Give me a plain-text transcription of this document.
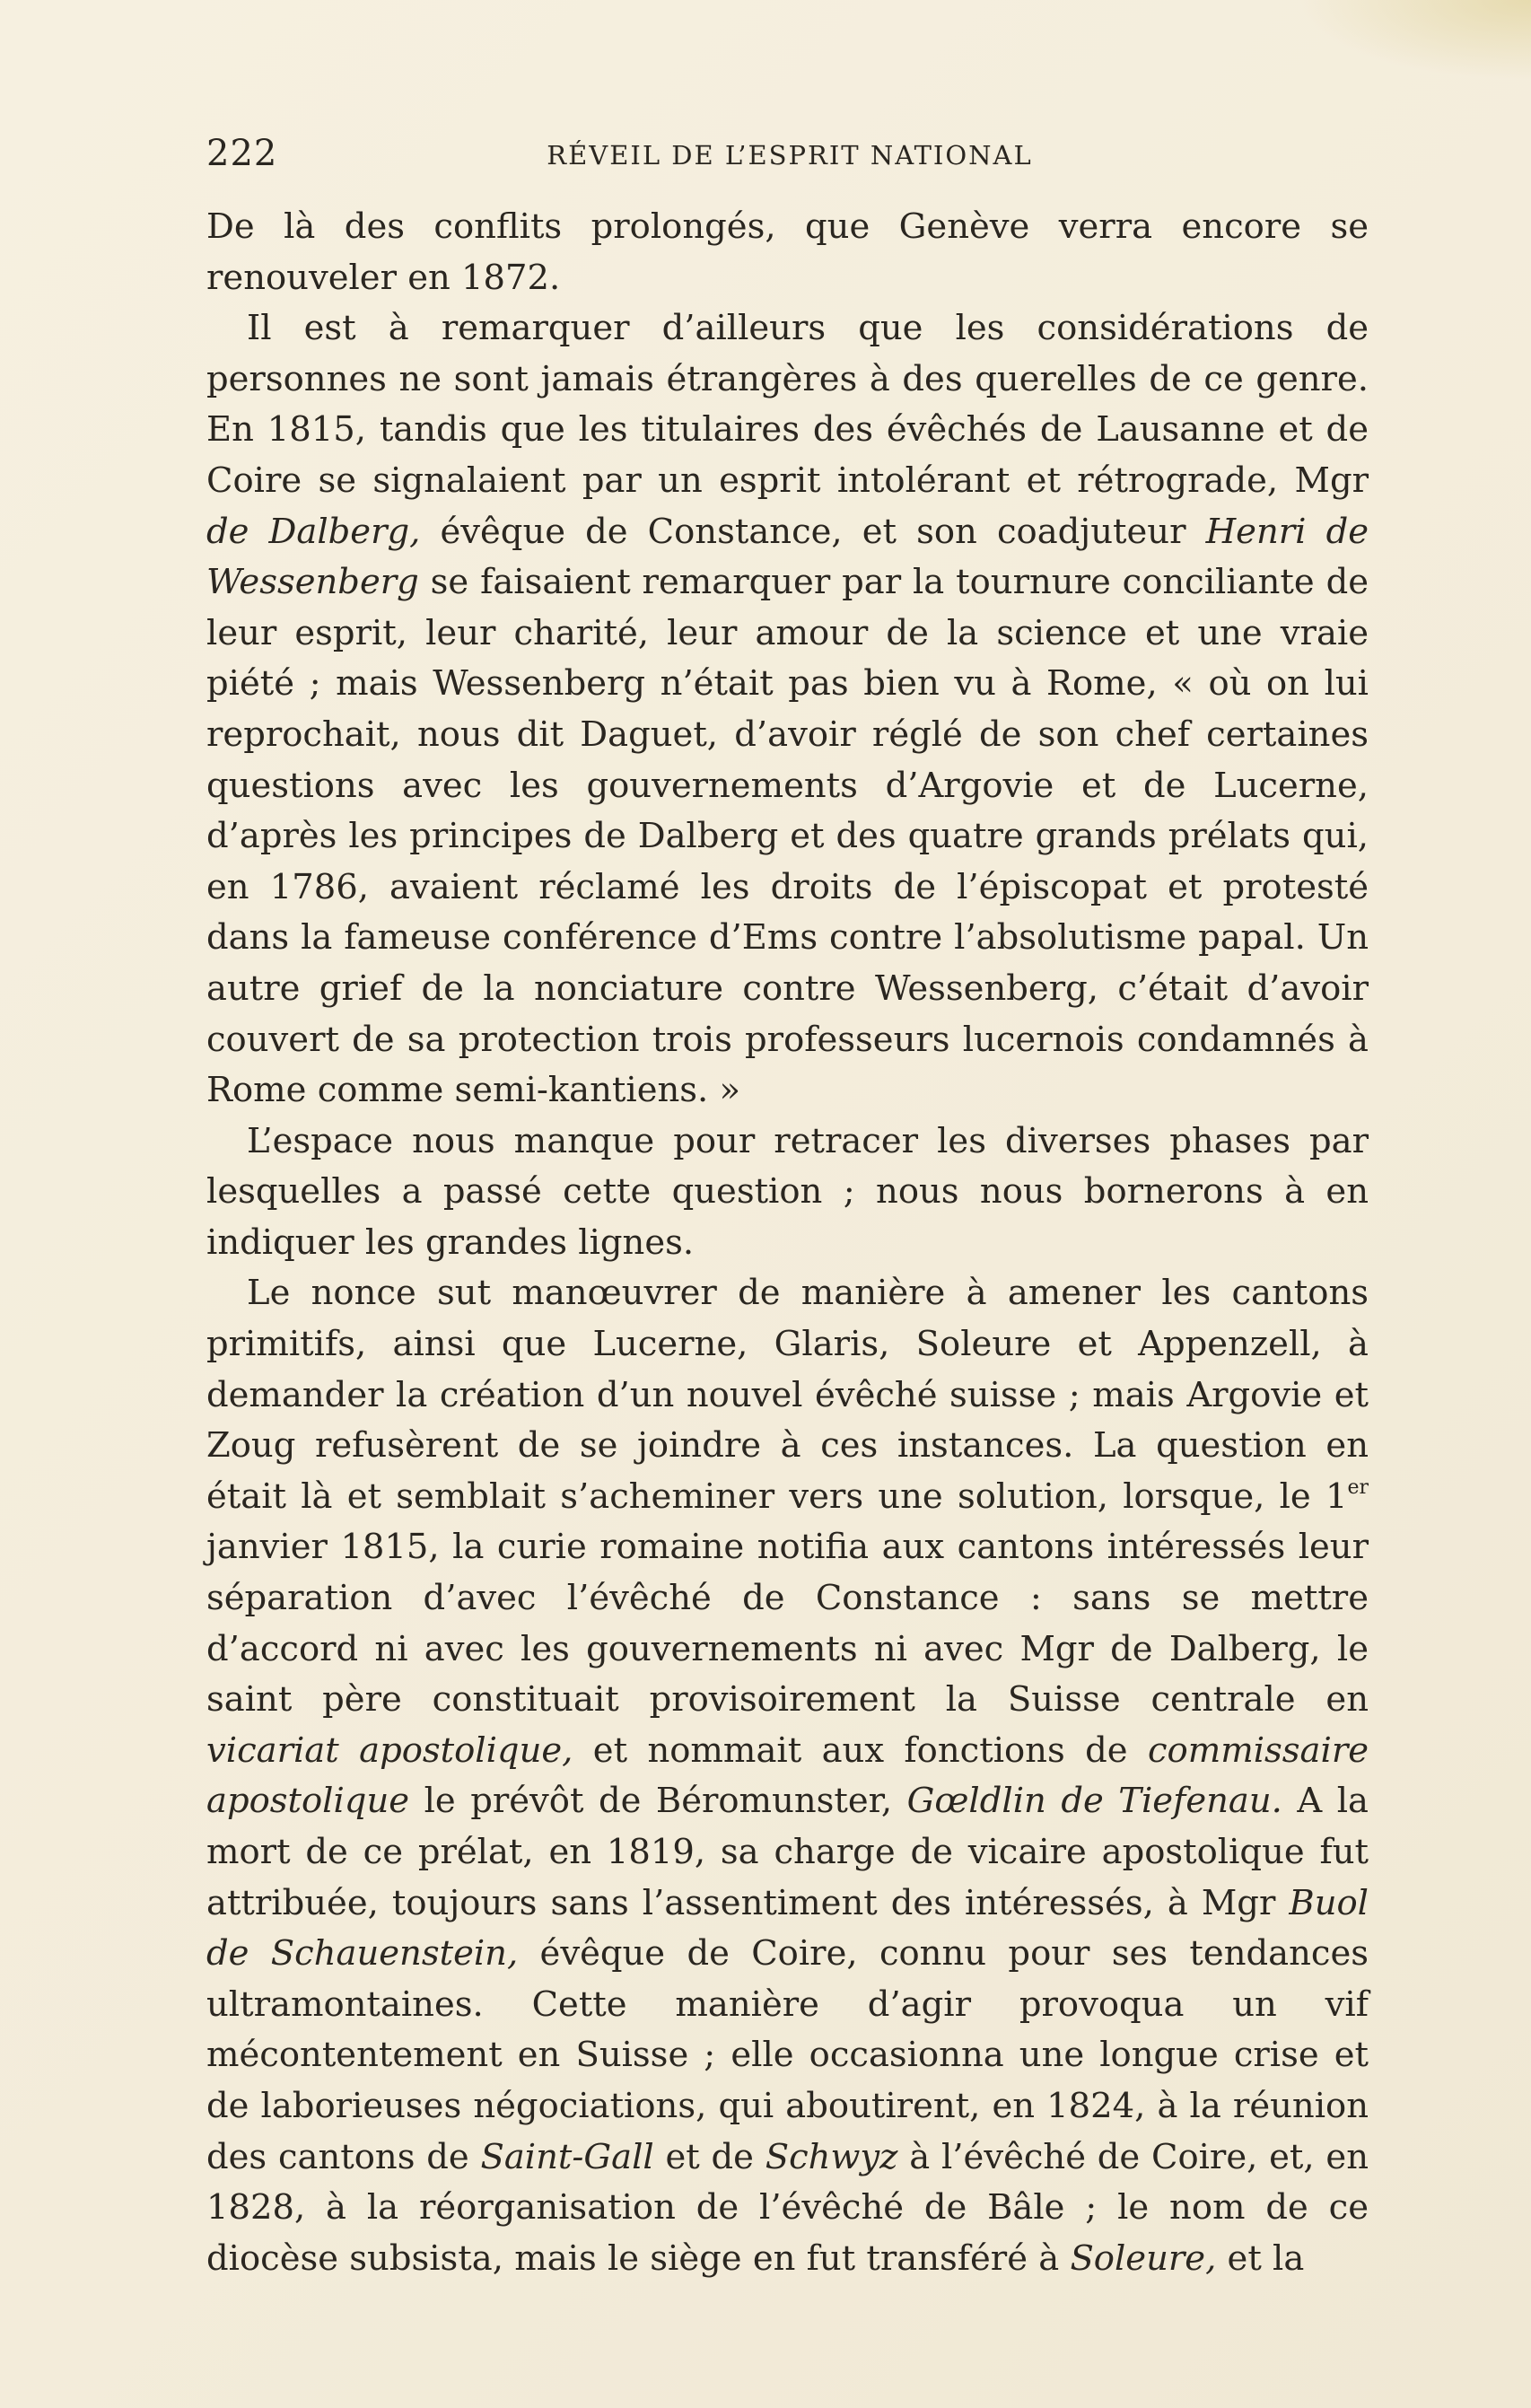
222	RÉVEIL DE L’ESPRIT NATIONAL

De là des conflits prolongés, que Genève verra encore se renouveler en 1872.

Il est à remarquer d’ailleurs que les considérations de personnes ne sont jamais étrangères à des querelles de ce genre. En 1815, tandis que les titulaires des évêchés de Lausanne et de Coire se signalaient par un esprit intolérant et rétrograde, Mgr de Dalberg, évêque de Constance, et son coadjuteur Henri de Wessenberg se faisaient remarquer par la tournure conciliante de leur esprit, leur charité, leur amour de la science et une vraie piété ; mais Wessenberg n’était pas bien vu à Rome, « où on lui reprochait, nous dit Daguet, d’avoir réglé de son chef certaines questions avec les gouvernements d’Argovie et de Lucerne, d’après les principes de Dalberg et des quatre grands prélats qui, en 1786, avaient réclamé les droits de l’épiscopat et protesté dans la fameuse conférence d’Ems contre l’absolutisme papal. Un autre grief de la nonciature contre Wessenberg, c’était d’avoir couvert de sa protection trois professeurs lucernois condamnés à Rome comme semi-kantiens. »

L’espace nous manque pour retracer les diverses phases par lesquelles a passé cette question ; nous nous bornerons à en indiquer les grandes lignes.

Le nonce sut manœuvrer de manière à amener les cantons primitifs, ainsi que Lucerne, Glaris, Soleure et Appenzell, à demander la création d’un nouvel évêché suisse ; mais Argovie et Zoug refusèrent de se joindre à ces instances. La question en était là et semblait s’acheminer vers une solution, lorsque, le 1er janvier 1815, la curie romaine notifia aux cantons intéressés leur séparation d’avec l’évêché de Constance : sans se mettre d’accord ni avec les gouvernements ni avec Mgr de Dalberg, le saint père constituait provisoirement la Suisse centrale en vicariat apostolique, et nommait aux fonctions de commissaire apostolique le prévôt de Béromunster, Gœldlin de Tiefenau. A la mort de ce prélat, en 1819, sa charge de vicaire apostolique fut attribuée, toujours sans l’assentiment des intéressés, à Mgr Buol de Schauenstein, évêque de Coire, connu pour ses tendances ultramontaines. Cette manière d’agir provoqua un vif mécontentement en Suisse ; elle occasionna une longue crise et de laborieuses négociations, qui aboutirent, en 1824, à la réunion des cantons de Saint-Gall et de Schwyz à l’évêché de Coire, et, en 1828, à la réorganisation de l’évêché de Bâle ; le nom de ce diocèse subsista, mais le siège en fut transféré à Soleure, et la
